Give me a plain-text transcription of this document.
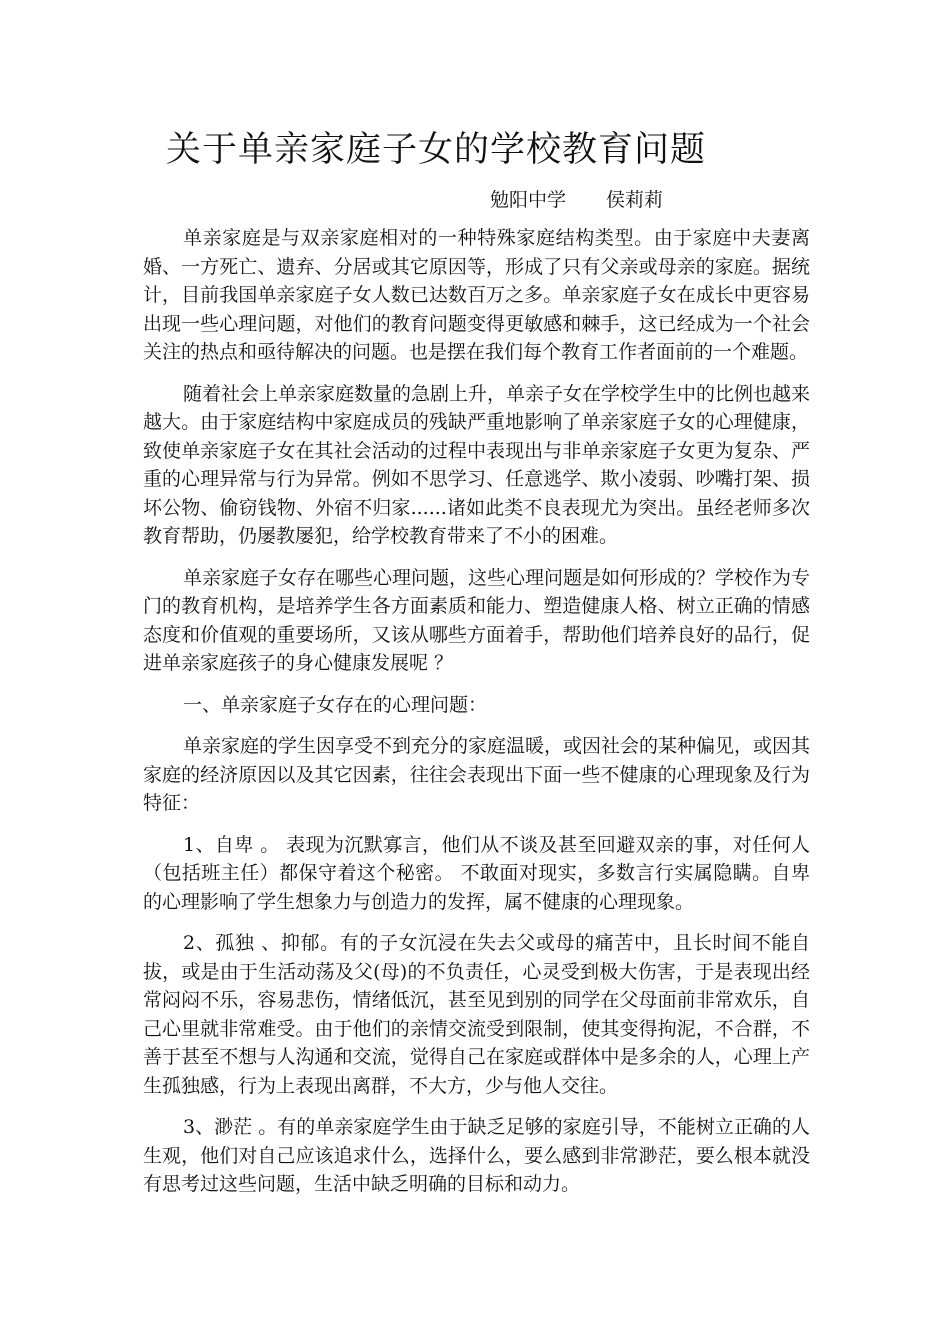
关于单亲家庭子女的学校教育问题
勉阳中学 侯莉莉

单亲家庭是与双亲家庭相对的一种特殊家庭结构类型。由于家庭中夫妻离婚、一方死亡、遗弃、分居或其它原因等，形成了只有父亲或母亲的家庭。据统计，目前我国单亲家庭子女人数已达数百万之多。单亲家庭子女在成长中更容易出现一些心理问题，对他们的教育问题变得更敏感和棘手，这已经成为一个社会关注的热点和亟待解决的问题。也是摆在我们每个教育工作者面前的一个难题。

随着社会上单亲家庭数量的急剧上升，单亲子女在学校学生中的比例也越来越大。由于家庭结构中家庭成员的残缺严重地影响了单亲家庭子女的心理健康，致使单亲家庭子女在其社会活动的过程中表现出与非单亲家庭子女更为复杂、严重的心理异常与行为异常。例如不思学习、任意逃学、欺小凌弱、吵嘴打架、损坏公物、偷窃钱物、外宿不归家......诸如此类不良表现尤为突出。虽经老师多次教育帮助，仍屡教屡犯，给学校教育带来了不小的困难。

单亲家庭子女存在哪些心理问题，这些心理问题是如何形成的？学校作为专门的教育机构，是培养学生各方面素质和能力、塑造健康人格、树立正确的情感态度和价值观的重要场所，又该从哪些方面着手，帮助他们培养良好的品行，促进单亲家庭孩子的身心健康发展呢 ？

一、单亲家庭子女存在的心理问题：

单亲家庭的学生因享受不到充分的家庭温暖，或因社会的某种偏见，或因其家庭的经济原因以及其它因素，往往会表现出下面一些不健康的心理现象及行为特征：

1、自卑 。 表现为沉默寡言，他们从不谈及甚至回避双亲的事，对任何人（包括班主任）都保守着这个秘密。 不敢面对现实，多数言行实属隐瞒。自卑的心理影响了学生想象力与创造力的发挥，属不健康的心理现象。

2、孤独 、抑郁。有的子女沉浸在失去父或母的痛苦中，且长时间不能自拔，或是由于生活动荡及父(母)的不负责任，心灵受到极大伤害，于是表现出经常闷闷不乐，容易悲伤，情绪低沉，甚至见到别的同学在父母面前非常欢乐，自己心里就非常难受。由于他们的亲情交流受到限制，使其变得拘泥，不合群，不善于甚至不想与人沟通和交流，觉得自己在家庭或群体中是多余的人，心理上产生孤独感，行为上表现出离群，不大方，少与他人交往。

3、渺茫 。有的单亲家庭学生由于缺乏足够的家庭引导，不能树立正确的人生观，他们对自己应该追求什么，选择什么，要么感到非常渺茫，要么根本就没有思考过这些问题，生活中缺乏明确的目标和动力。
